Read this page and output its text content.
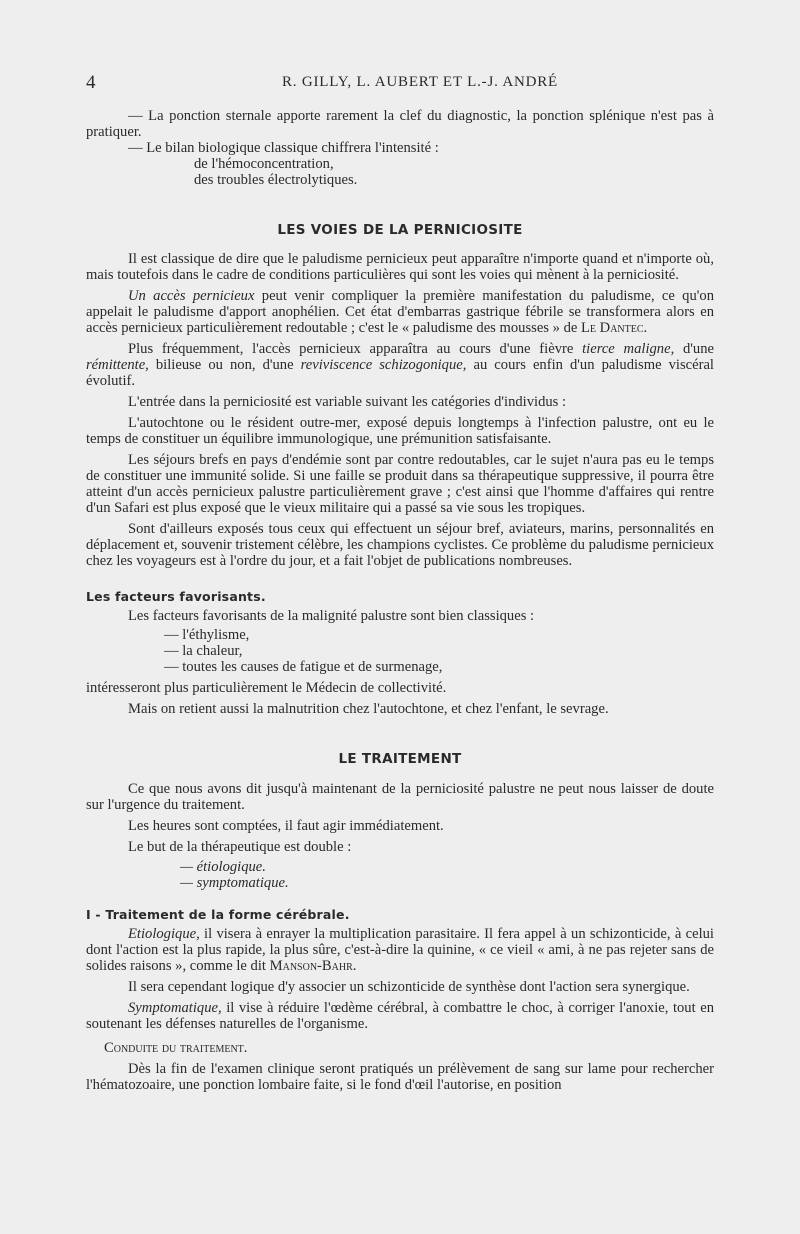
4	R. GILLY, L. AUBERT ET L.-J. ANDRÉ

— La ponction sternale apporte rarement la clef du diagnostic, la ponction splénique n'est pas à pratiquer.

— Le bilan biologique classique chiffrera l'intensité :

de l'hémoconcentration,

des troubles électrolytiques.

LES VOIES DE LA PERNICIOSITE

Il est classique de dire que le paludisme pernicieux peut apparaître n'importe quand et n'importe où, mais toutefois dans le cadre de conditions particulières qui sont les voies qui mènent à la perniciosité.

Un accès pernicieux peut venir compliquer la première manifestation du paludisme, ce qu'on appelait le paludisme d'apport anophélien. Cet état d'embarras gastrique fébrile se transformera alors en accès pernicieux particulièrement redoutable ; c'est le « paludisme des mousses » de Le Dantec.

Plus fréquemment, l'accès pernicieux apparaîtra au cours d'une fièvre tierce maligne, d'une rémittente, bilieuse ou non, d'une reviviscence schizogonique, au cours enfin d'un paludisme viscéral évolutif.

L'entrée dans la perniciosité est variable suivant les catégories d'individus :

L'autochtone ou le résident outre-mer, exposé depuis longtemps à l'infection palustre, ont eu le temps de constituer un équilibre immunologique, une prémunition satisfaisante.

Les séjours brefs en pays d'endémie sont par contre redoutables, car le sujet n'aura pas eu le temps de constituer une immunité solide. Si une faille se produit dans sa thérapeutique suppressive, il pourra être atteint d'un accès pernicieux palustre particulièrement grave ; c'est ainsi que l'homme d'affaires qui rentre d'un Safari est plus exposé que le vieux militaire qui a passé sa vie sous les tropiques.

Sont d'ailleurs exposés tous ceux qui effectuent un séjour bref, aviateurs, marins, personnalités en déplacement et, souvenir tristement célèbre, les champions cyclistes. Ce problème du paludisme pernicieux chez les voyageurs est à l'ordre du jour, et a fait l'objet de publications nombreuses.

Les facteurs favorisants.

Les facteurs favorisants de la malignité palustre sont bien classiques :

— l'éthylisme,

— la chaleur,

— toutes les causes de fatigue et de surmenage,

intéresseront plus particulièrement le Médecin de collectivité.

Mais on retient aussi la malnutrition chez l'autochtone, et chez l'enfant, le sevrage.

LE TRAITEMENT

Ce que nous avons dit jusqu'à maintenant de la perniciosité palustre ne peut nous laisser de doute sur l'urgence du traitement.

Les heures sont comptées, il faut agir immédiatement.

Le but de la thérapeutique est double :

— étiologique.

— symptomatique.

I - Traitement de la forme cérébrale.

Etiologique, il visera à enrayer la multiplication parasitaire. Il fera appel à un schizonticide, à celui dont l'action est la plus rapide, la plus sûre, c'est-à-dire la quinine, « ce vieil « ami, à ne pas rejeter sans de solides raisons », comme le dit Manson-Bahr.

Il sera cependant logique d'y associer un schizonticide de synthèse dont l'action sera synergique.

Symptomatique, il vise à réduire l'œdème cérébral, à combattre le choc, à corriger l'anoxie, tout en soutenant les défenses naturelles de l'organisme.

Conduite du traitement.

Dès la fin de l'examen clinique seront pratiqués un prélèvement de sang sur lame pour rechercher l'hématozoaire, une ponction lombaire faite, si le fond d'œil l'autorise, en position
